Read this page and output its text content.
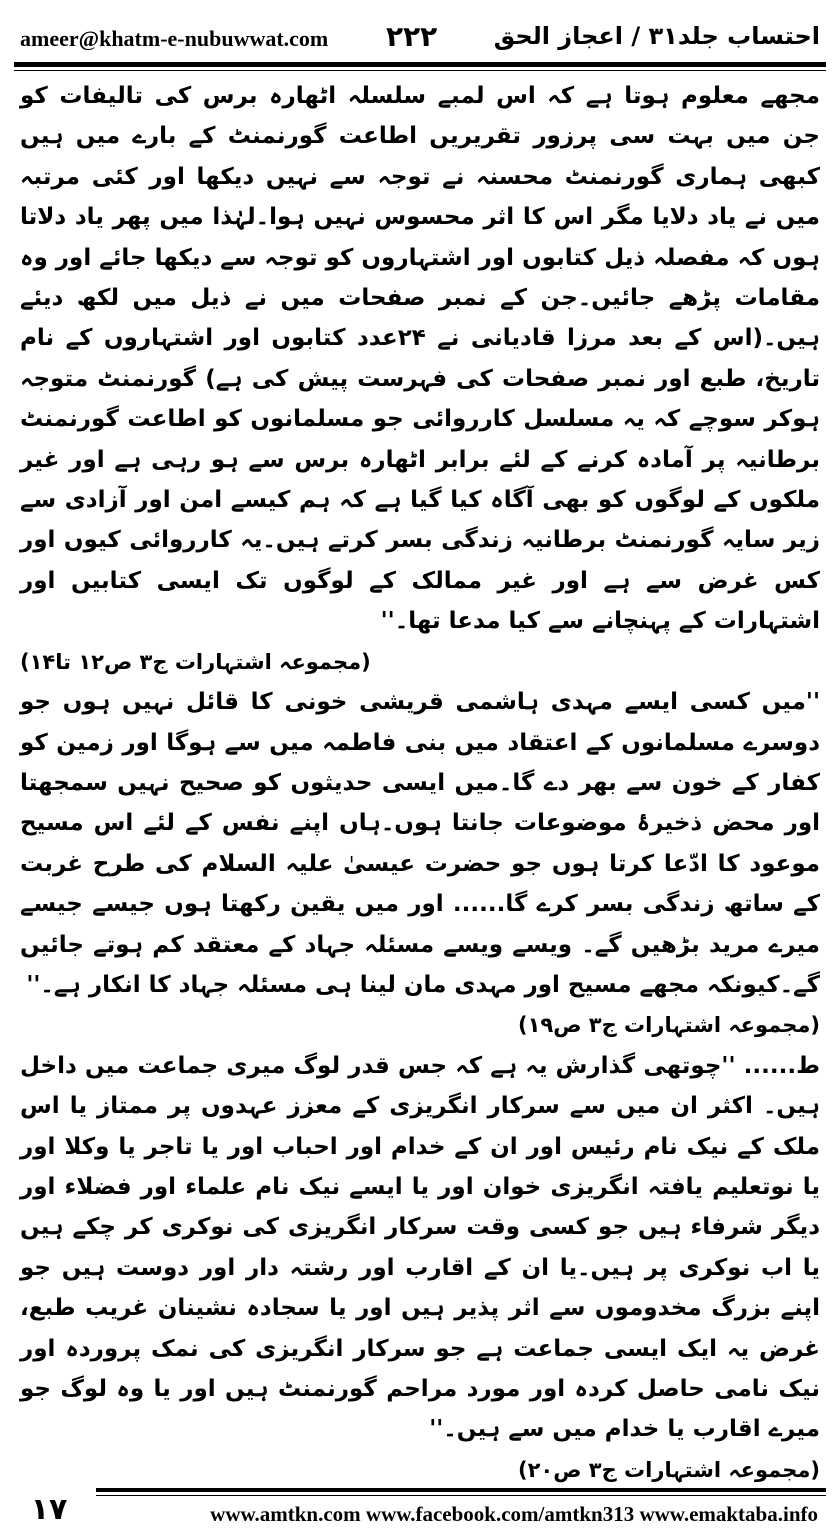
ameer@khatm-e-nubuwwat.com ۲۲۲ احتساب جلد۳۱ / اعجاز الحق

مجھے معلوم ہوتا ہے کہ اس لمبے سلسلہ اٹھارہ برس کی تالیفات کو جن میں بہت سی پرزور تقریریں اطاعت گورنمنٹ کے بارے میں ہیں کبھی ہماری گورنمنٹ محسنہ نے توجہ سے نہیں دیکھا اور کئی مرتبہ میں نے یاد دلایا مگر اس کا اثر محسوس نہیں ہوا۔لہٰذا میں پھر یاد دلاتا ہوں کہ مفصلہ ذیل کتابوں اور اشتہاروں کو توجہ سے دیکھا جائے اور وہ مقامات پڑھے جائیں۔جن کے نمبر صفحات میں نے ذیل میں لکھ دیئے ہیں۔(اس کے بعد مرزا قادیانی نے ۲۴عدد کتابوں اور اشتہاروں کے نام تاریخ، طبع اور نمبر صفحات کی فہرست پیش کی ہے) گورنمنٹ متوجہ ہوکر سوچے کہ یہ مسلسل کارروائی جو مسلمانوں کو اطاعت گورنمنٹ برطانیہ پر آمادہ کرنے کے لئے برابر اٹھارہ برس سے ہو رہی ہے اور غیر ملکوں کے لوگوں کو بھی آگاہ کیا گیا ہے کہ ہم کیسے امن اور آزادی سے زیر سایہ گورنمنٹ برطانیہ زندگی بسر کرتے ہیں۔یہ کارروائی کیوں اور کس غرض سے ہے اور غیر ممالک کے لوگوں تک ایسی کتابیں اور اشتہارات کے پہنچانے سے کیا مدعا تھا۔''

(مجموعہ اشتہارات ج۳ ص۱۲ تا۱۴)

''میں کسی ایسے مہدی ہاشمی قریشی خونی کا قائل نہیں ہوں جو دوسرے مسلمانوں کے اعتقاد میں بنی فاطمہ میں سے ہوگا اور زمین کو کفار کے خون سے بھر دے گا۔میں ایسی حدیثوں کو صحیح نہیں سمجھتا اور محض ذخیرۂ موضوعات جانتا ہوں۔ہاں اپنے نفس کے لئے اس مسیح موعود کا ادّعا کرتا ہوں جو حضرت عیسیٰ علیہ السلام کی طرح غربت کے ساتھ زندگی بسر کرے گا...... اور میں یقین رکھتا ہوں جیسے جیسے میرے مرید بڑھیں گے۔ ویسے ویسے مسئلہ جہاد کے معتقد کم ہوتے جائیں گے۔کیونکہ مجھے مسیح اور مہدی مان لینا ہی مسئلہ جہاد کا انکار ہے۔''

(مجموعہ اشتہارات ج۳ ص۱۹)

ط...... ''چوتھی گذارش یہ ہے کہ جس قدر لوگ میری جماعت میں داخل ہیں۔ اکثر ان میں سے سرکار انگریزی کے معزز عہدوں پر ممتاز یا اس ملک کے نیک نام رئیس اور ان کے خدام اور احباب اور یا تاجر یا وکلا اور یا نوتعلیم یافتہ انگریزی خوان اور یا ایسے نیک نام علماء اور فضلاء اور دیگر شرفاء ہیں جو کسی وقت سرکار انگریزی کی نوکری کر چکے ہیں یا اب نوکری پر ہیں۔یا ان کے اقارب اور رشتہ دار اور دوست ہیں جو اپنے بزرگ مخدوموں سے اثر پذیر ہیں اور یا سجادہ نشینان غریب طبع، غرض یہ ایک ایسی جماعت ہے جو سرکار انگریزی کی نمک پروردہ اور نیک نامی حاصل کردہ اور مورد مراحم گورنمنٹ ہیں اور یا وہ لوگ جو میرے اقارب یا خدام میں سے ہیں۔''

(مجموعہ اشتہارات ج۳ ص۲۰)
۱۷	www.amtkn.com www.facebook.com/amtkn313 www.emaktaba.info
